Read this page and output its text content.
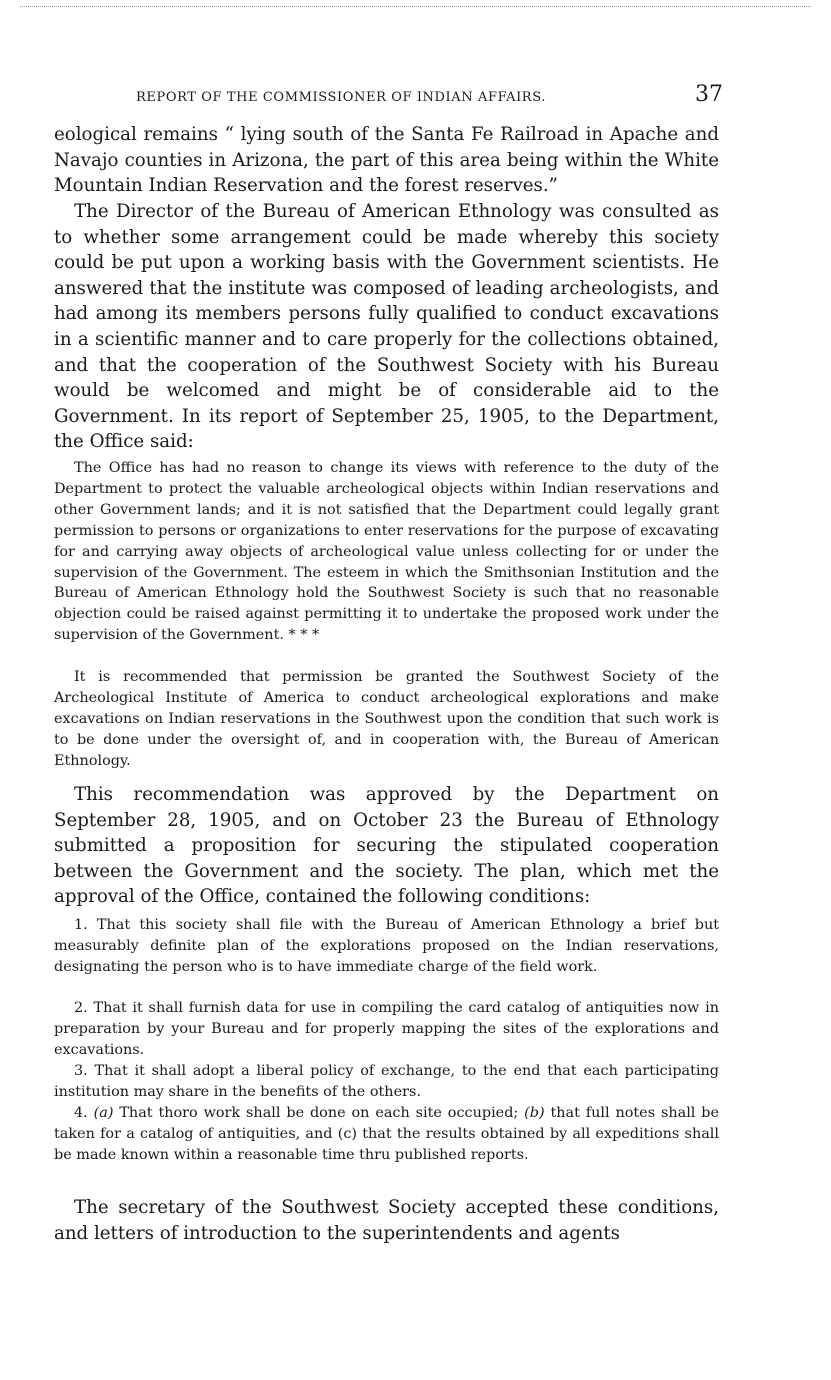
REPORT OF THE COMMISSIONER OF INDIAN AFFAIRS.	37

eological remains “ lying south of the Santa Fe Railroad in Apache and Navajo counties in Arizona, the part of this area being within the White Mountain Indian Reservation and the forest reserves.”

The Director of the Bureau of American Ethnology was consulted as to whether some arrangement could be made whereby this society could be put upon a working basis with the Government scientists. He answered that the institute was composed of leading archeologists, and had among its members persons fully qualified to conduct excavations in a scientific manner and to care properly for the collections obtained, and that the cooperation of the Southwest Society with his Bureau would be welcomed and might be of considerable aid to the Government. In its report of September 25, 1905, to the Department, the Office said:

The Office has had no reason to change its views with reference to the duty of the Department to protect the valuable archeological objects within Indian reservations and other Government lands; and it is not satisfied that the Department could legally grant permission to persons or organizations to enter reservations for the purpose of excavating for and carrying away objects of archeological value unless collecting for or under the supervision of the Government. The esteem in which the Smithsonian Institution and the Bureau of American Ethnology hold the Southwest Society is such that no reasonable objection could be raised against permitting it to undertake the proposed work under the supervision of the Government. * * *

It is recommended that permission be granted the Southwest Society of the Archeological Institute of America to conduct archeological explorations and make excavations on Indian reservations in the Southwest upon the condition that such work is to be done under the oversight of, and in cooperation with, the Bureau of American Ethnology.

This recommendation was approved by the Department on September 28, 1905, and on October 23 the Bureau of Ethnology submitted a proposition for securing the stipulated cooperation between the Government and the society. The plan, which met the approval of the Office, contained the following conditions:

1. That this society shall file with the Bureau of American Ethnology a brief but measurably definite plan of the explorations proposed on the Indian reservations, designating the person who is to have immediate charge of the field work.

2. That it shall furnish data for use in compiling the card catalog of antiquities now in preparation by your Bureau and for properly mapping the sites of the explorations and excavations.

3. That it shall adopt a liberal policy of exchange, to the end that each participating institution may share in the benefits of the others.

4. (a) That thoro work shall be done on each site occupied; (b) that full notes shall be taken for a catalog of antiquities, and (c) that the results obtained by all expeditions shall be made known within a reasonable time thru published reports.

The secretary of the Southwest Society accepted these conditions, and letters of introduction to the superintendents and agents
